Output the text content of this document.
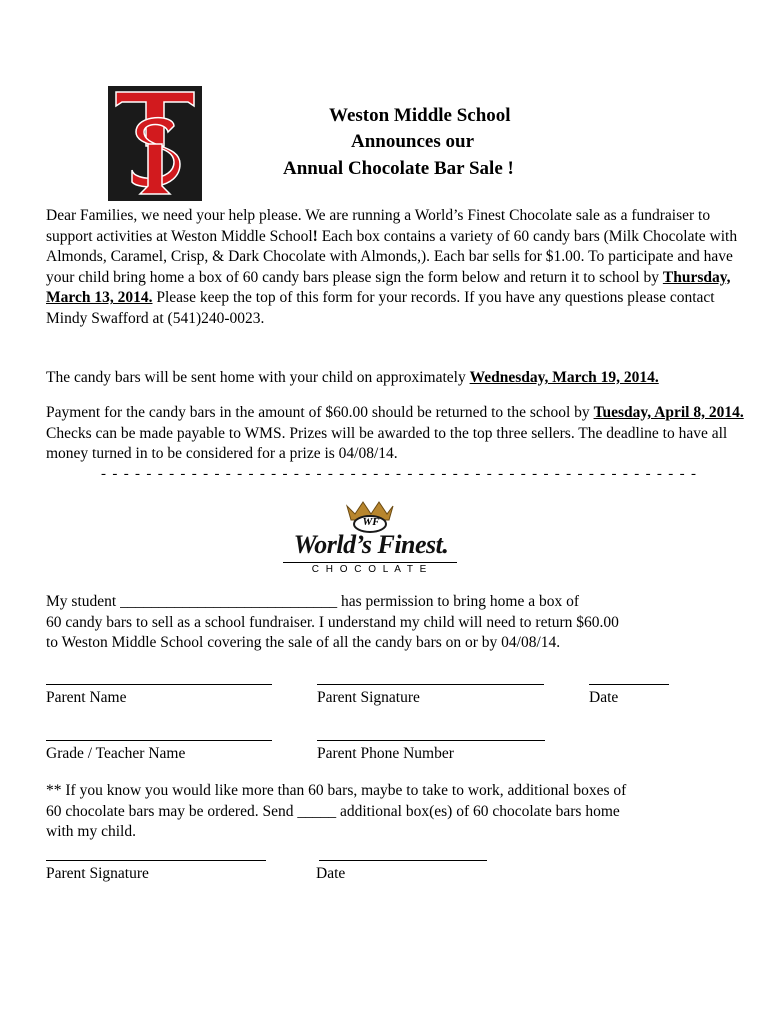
Weston Middle School
Announces our
Annual Chocolate Bar Sale !
Dear Families, we need your help please. We are running a World’s Finest Chocolate sale as a fundraiser to support activities at Weston Middle School! Each box contains a variety of 60 candy bars (Milk Chocolate with Almonds, Caramel, Crisp, & Dark Chocolate with Almonds,). Each bar sells for $1.00. To participate and have your child bring home a box of 60 candy bars please sign the form below and return it to school by Thursday, March 13, 2014. Please keep the top of this form for your records. If you have any questions please contact Mindy Swafford at (541)240-0023.
The candy bars will be sent home with your child on approximately Wednesday, March 19, 2014.
Payment for the candy bars in the amount of $60.00 should be returned to the school by Tuesday, April 8, 2014. Checks can be made payable to WMS. Prizes will be awarded to the top three sellers. The deadline to have all money turned in to be considered for a prize is 04/08/14.
- - - - - - - - - - - - - - - - - - - - - - - - - - - - - - - - - - - - - - - - - - - - - - - - - - - - -
WF
World’s Finest.
C H O C O L A T E
My student ____________________________ has permission to bring home a box of
60 candy bars to sell as a school fundraiser. I understand my child will need to return $60.00
to Weston Middle School covering the sale of all the candy bars on or by 04/08/14.
Parent Name	Parent Signature	Date
Grade / Teacher Name	Parent Phone Number
** If you know you would like more than 60 bars, maybe to take to work, additional boxes of
60 chocolate bars may be ordered. Send _____ additional box(es) of 60 chocolate bars home
with my child.
Parent Signature	Date
